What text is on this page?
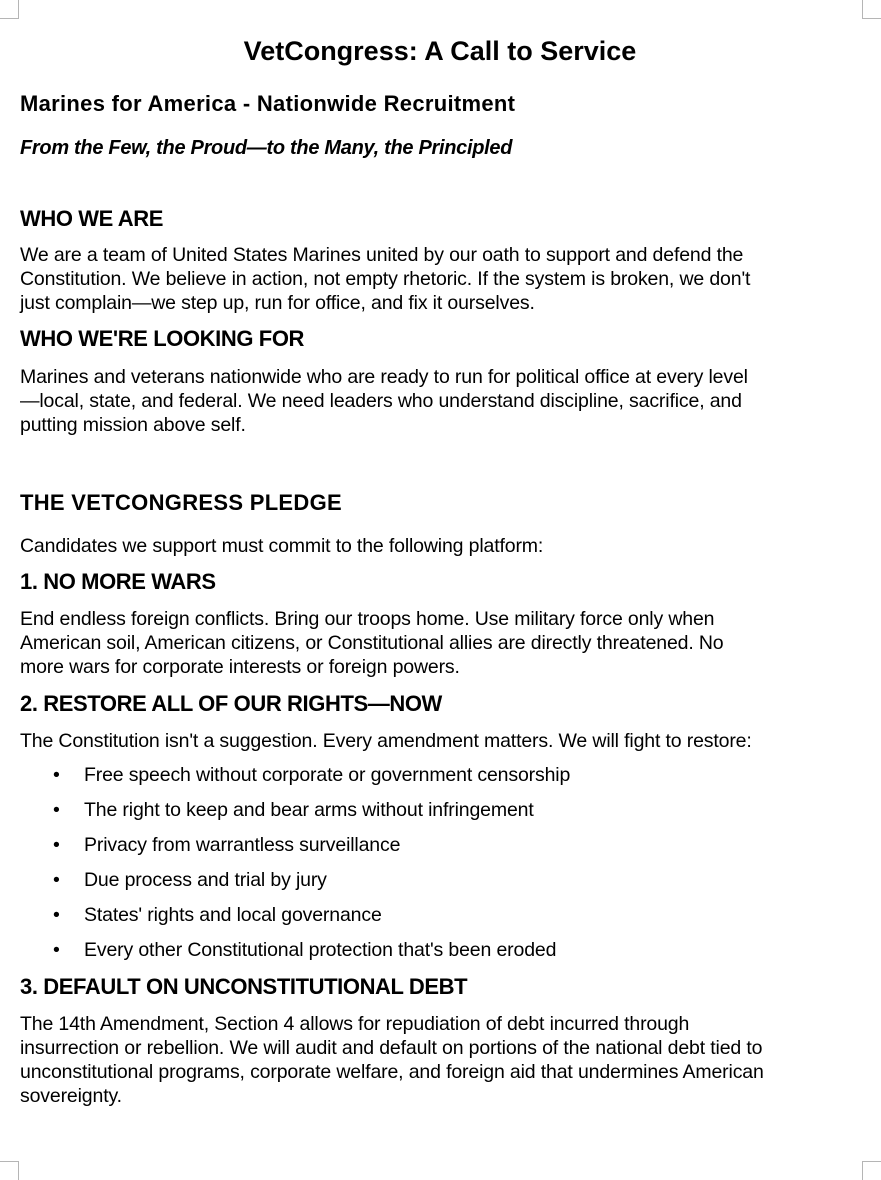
VetCongress: A Call to Service
Marines for America - Nationwide Recruitment

From the Few, the Proud—to the Many, the Principled

WHO WE ARE

We are a team of United States Marines united by our oath to support and defend the
Constitution. We believe in action, not empty rhetoric. If the system is broken, we don't
just complain—we step up, run for office, and fix it ourselves.

WHO WE'RE LOOKING FOR

Marines and veterans nationwide who are ready to run for political office at every level
—local, state, and federal. We need leaders who understand discipline, sacrifice, and
putting mission above self.

THE VETCONGRESS PLEDGE

Candidates we support must commit to the following platform:

1. NO MORE WARS

End endless foreign conflicts. Bring our troops home. Use military force only when
American soil, American citizens, or Constitutional allies are directly threatened. No
more wars for corporate interests or foreign powers.

2. RESTORE ALL OF OUR RIGHTS—NOW

The Constitution isn't a suggestion. Every amendment matters. We will fight to restore:

• Free speech without corporate or government censorship
• The right to keep and bear arms without infringement
• Privacy from warrantless surveillance
• Due process and trial by jury
• States' rights and local governance
• Every other Constitutional protection that's been eroded
3. DEFAULT ON UNCONSTITUTIONAL DEBT

The 14th Amendment, Section 4 allows for repudiation of debt incurred through
insurrection or rebellion. We will audit and default on portions of the national debt tied to
unconstitutional programs, corporate welfare, and foreign aid that undermines American
sovereignty.
